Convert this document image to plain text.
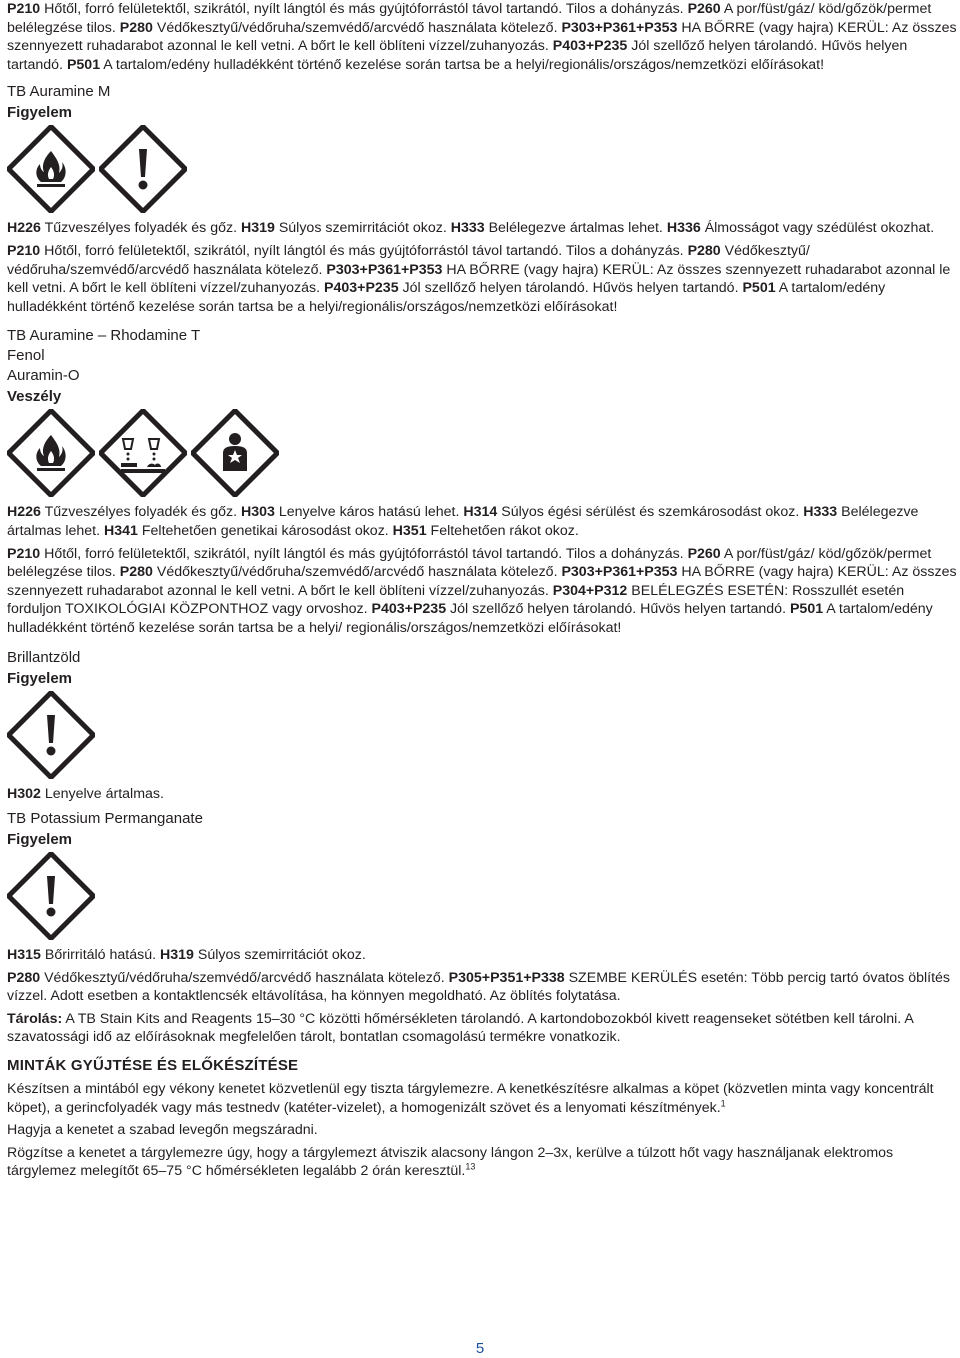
P210 Hőtől, forró felületektől, szikrától, nyílt lángtól és más gyújtóforrástól távol tartandó. Tilos a dohányzás. P260 A por/füst/gáz/ köd/gőzök/permet belélegzése tilos. P280 Védőkesztyű/védőruha/szemvédő/arcvédő használata kötelező. P303+P361+P353 HA BŐRRE (vagy hajra) KERÜL: Az összes szennyezett ruhadarabot azonnal le kell vetni. A bőrt le kell öblíteni vízzel/zuhanyozás. P403+P235 Jól szellőző helyen tárolandó. Hűvös helyen tartandó. P501 A tartalom/edény hulladékként történő kezelése során tartsa be a helyi/regionális/országos/nemzetközi előírásokat!
TB Auramine M
Figyelem
H226 Tűzveszélyes folyadék és gőz. H319 Súlyos szemirritációt okoz. H333 Belélegezve ártalmas lehet. H336 Álmosságot vagy szédülést okozhat.
P210 Hőtől, forró felületektől, szikrától, nyílt lángtól és más gyújtóforrástól távol tartandó. Tilos a dohányzás. P280 Védőkesztyű/ védőruha/szemvédő/arcvédő használata kötelező. P303+P361+P353 HA BŐRRE (vagy hajra) KERÜL: Az összes szennyezett ruhadarabot azonnal le kell vetni. A bőrt le kell öblíteni vízzel/zuhanyozás. P403+P235 Jól szellőző helyen tárolandó. Hűvös helyen tartandó. P501 A tartalom/edény hulladékként történő kezelése során tartsa be a helyi/regionális/országos/nemzetközi előírásokat!
TB Auramine – Rhodamine T
Fenol
Auramin-O
Veszély
H226 Tűzveszélyes folyadék és gőz. H303 Lenyelve káros hatású lehet. H314 Súlyos égési sérülést és szemkárosodást okoz. H333 Belélegezve ártalmas lehet. H341 Feltehetően genetikai károsodást okoz. H351 Feltehetően rákot okoz.
P210 Hőtől, forró felületektől, szikrától, nyílt lángtól és más gyújtóforrástól távol tartandó. Tilos a dohányzás. P260 A por/füst/gáz/ köd/gőzök/permet belélegzése tilos. P280 Védőkesztyű/védőruha/szemvédő/arcvédő használata kötelező. P303+P361+P353 HA BŐRRE (vagy hajra) KERÜL: Az összes szennyezett ruhadarabot azonnal le kell vetni. A bőrt le kell öblíteni vízzel/zuhanyozás. P304+P312 BELÉLEGZÉS ESETÉN: Rosszullét esetén forduljon TOXIKOLÓGIAI KÖZPONTHOZ vagy orvoshoz. P403+P235 Jól szellőző helyen tárolandó. Hűvös helyen tartandó. P501 A tartalom/edény hulladékként történő kezelése során tartsa be a helyi/ regionális/országos/nemzetközi előírásokat!
Brillantzöld
Figyelem
H302 Lenyelve ártalmas.
TB Potassium Permanganate
Figyelem
H315 Bőrirritáló hatású. H319 Súlyos szemirritációt okoz.
P280 Védőkesztyű/védőruha/szemvédő/arcvédő használata kötelező. P305+P351+P338 SZEMBE KERÜLÉS esetén: Több percig tartó óvatos öblítés vízzel. Adott esetben a kontaktlencsék eltávolítása, ha könnyen megoldható. Az öblítés folytatása.
Tárolás: A TB Stain Kits and Reagents 15–30 °C közötti hőmérsékleten tárolandó. A kartondobozokból kivett reagenseket sötétben kell tárolni. A szavatossági idő az előírásoknak megfelelően tárolt, bontatlan csomagolású termékre vonatkozik.
MINTÁK GYŰJTÉSE ÉS ELŐKÉSZÍTÉSE
Készítsen a mintából egy vékony kenetet közvetlenül egy tiszta tárgylemezre. A kenetkészítésre alkalmas a köpet (közvetlen minta vagy koncentrált köpet), a gerincfolyadék vagy más testnedv (katéter-vizelet), a homogenizált szövet és a lenyomati készítmények.$^1$
Hagyja a kenetet a szabad levegőn megszáradni.
Rögzítse a kenetet a tárgylemezre úgy, hogy a tárgylemezt átviszik alacsony lángon 2–3x, kerülve a túlzott hőt vagy használjanak elektromos tárgylemez melegítőt 65–75 °C hőmérsékleten legalább 2 órán keresztül.$^{13}$
5
